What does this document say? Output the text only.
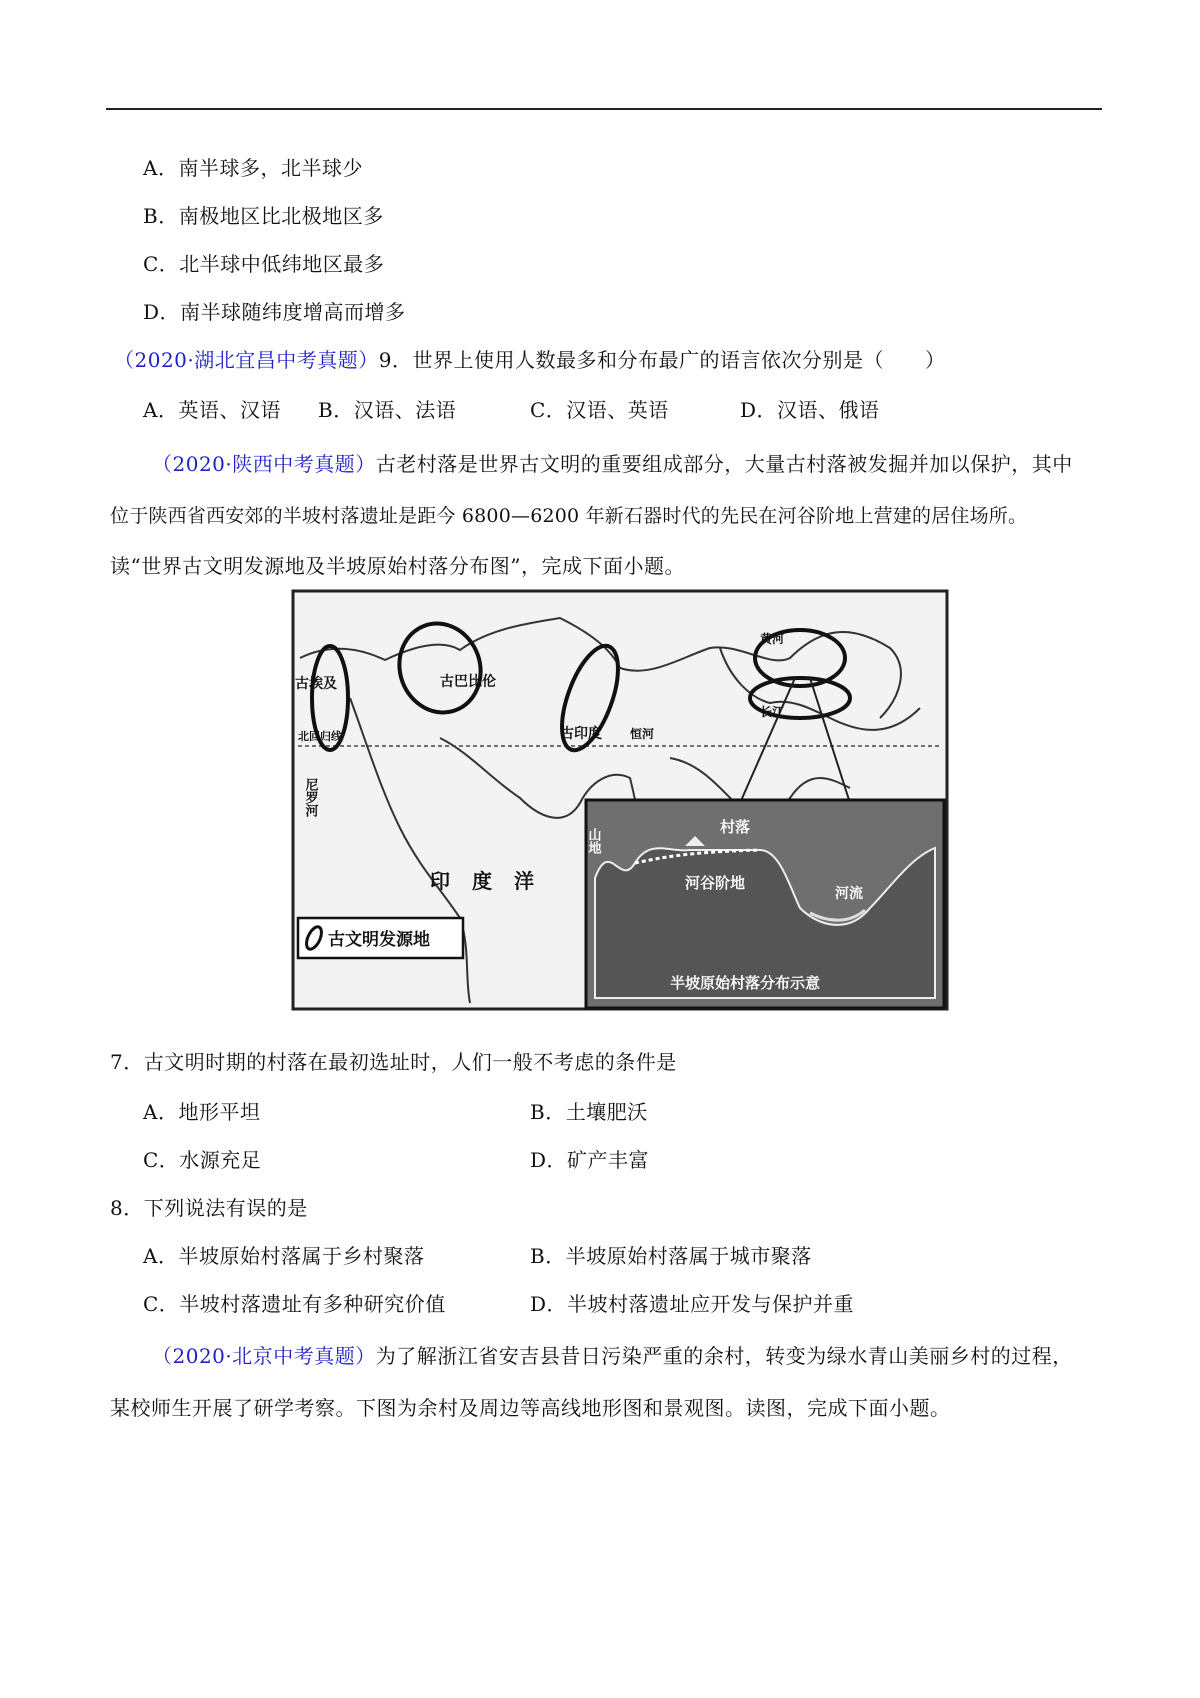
A．南半球多，北半球少
B．南极地区比北极地区多
C．北半球中低纬地区最多
D．南半球随纬度增高而增多
（2020·湖北宜昌中考真题）9．世界上使用人数最多和分布最广的语言依次分别是（　　）
A．英语、汉语 B．汉语、法语	C．汉语、英语	D．汉语、俄语
（2020·陕西中考真题）古老村落是世界古文明的重要组成部分，大量古村落被发掘并加以保护，其中
位于陕西省西安郊的半坡村落遗址是距今 6800—6200 年新石器时代的先民在河谷阶地上营建的居住场所。
读“世界古文明发源地及半坡原始村落分布图”，完成下面小题。
古埃及	古巴比伦
古印度
北回归线
尼罗河
印度洋
恒河
黄河
长江
古文明发源地
村落
河谷阶地
河流
山地
半坡原始村落分布示意
7．古文明时期的村落在最初选址时，人们一般不考虑的条件是
A．地形平坦	B．土壤肥沃
C．水源充足	D．矿产丰富
8．下列说法有误的是
A．半坡原始村落属于乡村聚落	B．半坡原始村落属于城市聚落
C．半坡村落遗址有多种研究价值	D．半坡村落遗址应开发与保护并重
（2020·北京中考真题）为了解浙江省安吉县昔日污染严重的余村，转变为绿水青山美丽乡村的过程，
某校师生开展了研学考察。下图为余村及周边等高线地形图和景观图。读图，完成下面小题。
